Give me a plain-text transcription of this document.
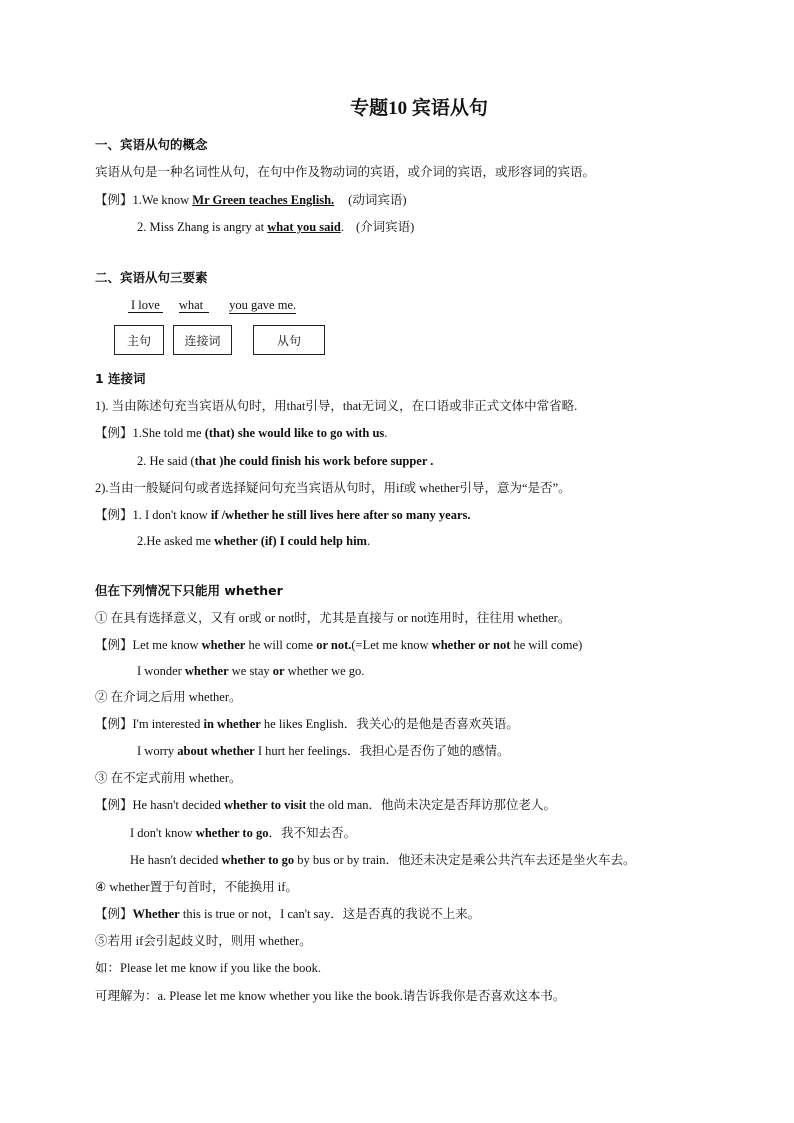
专题10 宾语从句
一、宾语从句的概念
宾语从句是一种名词性从句，在句中作及物动词的宾语，或介词的宾语，或形容词的宾语。
【例】1.We know Mr Green teaches English. (动词宾语)
2. Miss Zhang is angry at what you said. (介词宾语)
二、宾语从句三要素
I love what you gave me.
主句	连接词	从句
1 连接词
1). 当由陈述句充当宾语从句时，用that引导，that无词义，在口语或非正式文体中常省略.
【例】1.She told me (that) she would like to go with us.
2. He said (that )he could finish his work before supper .
2).当由一般疑问句或者选择疑问句充当宾语从句时，用if或 whether引导，意为“是否”。
【例】1. I don't know if /whether he still lives here after so many years.
2.He asked me whether (if) I could help him.
但在下列情况下只能用 whether
① 在具有选择意义，又有 or或 or not时，尤其是直接与 or not连用时，往往用 whether。
【例】Let me know whether he will come or not.(=Let me know whether or not he will come)
I wonder whether we stay or whether we go.
② 在介词之后用 whether。
【例】I'm interested in whether he likes English．我关心的是他是否喜欢英语。
I worry about whether I hurt her feelings．我担心是否伤了她的感情。
③ 在不定式前用 whether。
【例】He hasn't decided whether to visit the old man．他尚未决定是否拜访那位老人。
I don't know whether to go．我不知去否。
He hasn't decided whether to go by bus or by train．他还未决定是乘公共汽车去还是坐火车去。
④ whether置于句首时，不能换用 if。
【例】Whether this is true or not，I can't say．这是否真的我说不上来。
⑤若用 if会引起歧义时，则用 whether。
如：Please let me know if you like the book.
可理解为：a. Please let me know whether you like the book.请告诉我你是否喜欢这本书。
